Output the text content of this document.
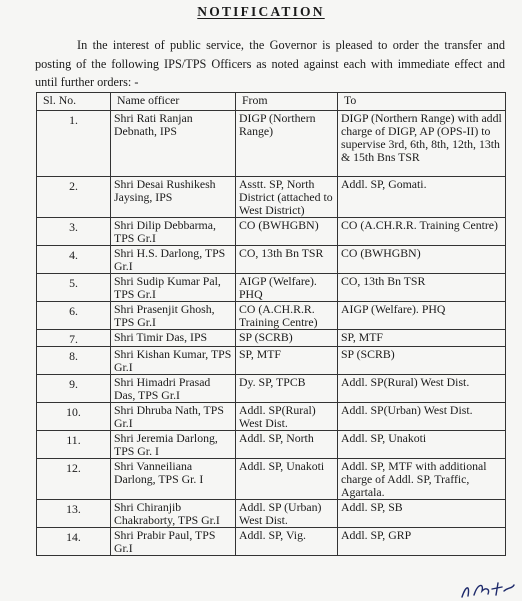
NOTIFICATION
In the interest of public service, the Governor is pleased to order the transfer and posting of the following IPS/TPS Officers as noted against each with immediate effect and until further orders: -
Sl. No.	Name officer	From	To
1.	Shri Rati Ranjan Debnath, IPS	DIGP (Northern Range)	DIGP (Northern Range) with addl charge of DIGP, AP (OPS-II) to supervise 3rd, 6th, 8th, 12th, 13th & 15th Bns TSR
2.	Shri Desai Rushikesh Jaysing, IPS	Asstt. SP, North District (attached to West District)	Addl. SP, Gomati.
3.	Shri Dilip Debbarma, TPS Gr.I	CO (BWHGBN)	CO (A.CH.R.R. Training Centre)
4.	Shri H.S. Darlong, TPS Gr.I	CO, 13th Bn TSR	CO (BWHGBN)
5.	Shri Sudip Kumar Pal, TPS Gr.I	AIGP (Welfare). PHQ	CO, 13th Bn TSR
6.	Shri Prasenjit Ghosh, TPS Gr.I	CO (A.CH.R.R. Training Centre)	AIGP (Welfare). PHQ
7.	Shri Timir Das, IPS	SP (SCRB)	SP, MTF
8.	Shri Kishan Kumar, TPS Gr.I	SP, MTF	SP (SCRB)
9.	Shri Himadri Prasad Das, TPS Gr.I	Dy. SP, TPCB	Addl. SP(Rural) West Dist.
10.	Shri Dhruba Nath, TPS Gr.I	Addl. SP(Rural) West Dist.	Addl. SP(Urban) West Dist.
11.	Shri Jeremia Darlong, TPS Gr. I	Addl. SP, North	Addl. SP, Unakoti
12.	Shri Vanneiliana Darlong, TPS Gr. I	Addl. SP, Unakoti	Addl. SP, MTF with additional charge of Addl. SP, Traffic, Agartala.
13.	Shri Chiranjib Chakraborty, TPS Gr.I	Addl. SP (Urban) West Dist.	Addl. SP, SB
14.	Shri Prabir Paul, TPS Gr.I	Addl. SP, Vig.	Addl. SP, GRP
